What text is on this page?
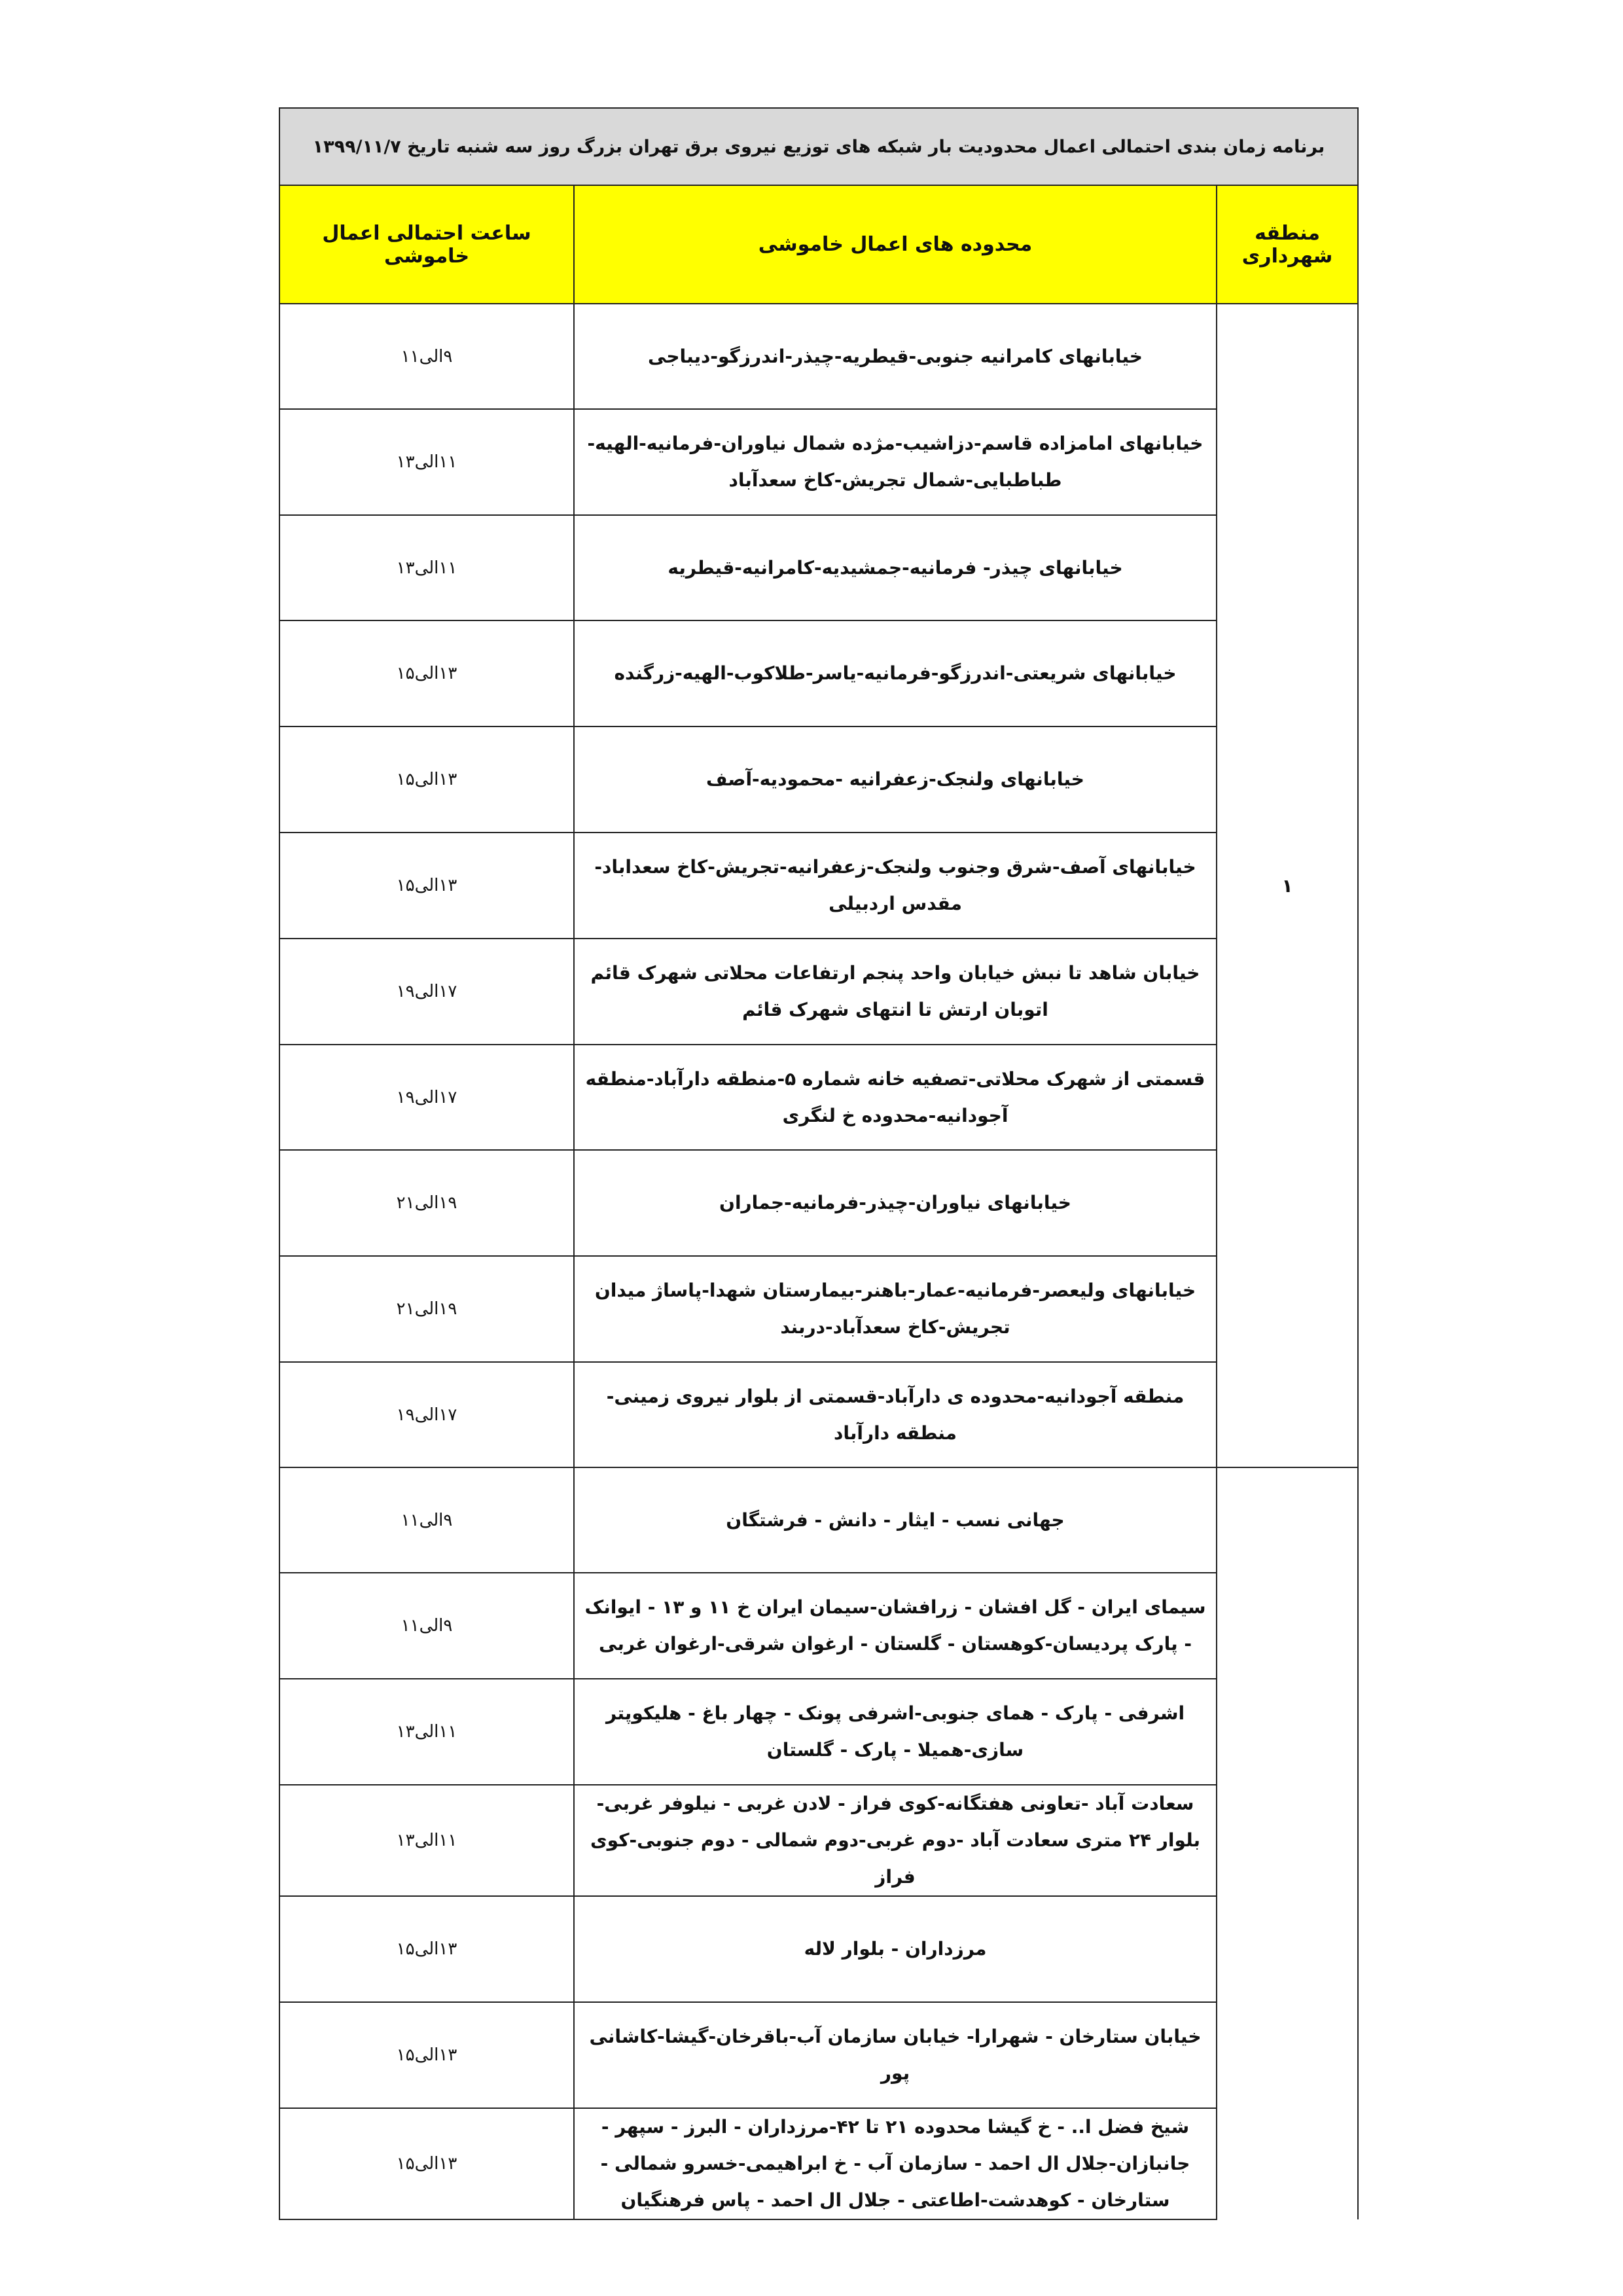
برنامه زمان بندی احتمالی اعمال محدودیت بار شبکه های توزیع نیروی برق تهران بزرگ روز سه شنبه تاریخ ۱۳۹۹/۱۱/۷		
منطقه شهرداری	محدوده های اعمال خاموشی	ساعت احتمالی اعمال خاموشی
۱	خیابانهای کامرانیه جنوبی-قیطریه-چیذر-اندرزگو-دیباجی	۹الی۱۱
	خیابانهای امامزاده قاسم-دزاشیب-مژده شمال نیاوران-فرمانیه-الهیه-طباطبایی-شمال تجریش-کاخ سعدآباد	۱۱الی۱۳
	خیابانهای چیذر- فرمانیه-جمشیدیه-کامرانیه-قیطریه	۱۱الی۱۳
	خیابانهای شریعتی-اندرزگو-فرمانیه-یاسر-طلاکوب-الهیه-زرگنده	۱۳الی۱۵
	خیابانهای ولنجک-زعفرانیه -محمودیه-آصف	۱۳الی۱۵
	خیابانهای آصف-شرق وجنوب ولنجک-زعفرانیه-تجریش-کاخ سعداباد-مقدس اردبیلی	۱۳الی۱۵
	خیابان شاهد تا نبش خیابان واحد پنجم ارتفاعات محلاتی شهرک قائم اتوبان ارتش تا انتهای شهرک قائم	۱۷الی۱۹
	قسمتی از شهرک محلاتی-تصفیه خانه شماره ۵-منطقه دارآباد-منطقه آجودانیه-محدوده خ لنگری	۱۷الی۱۹
	خیابانهای نیاوران-چیذر-فرمانیه-جماران	۱۹الی۲۱
	خیابانهای ولیعصر-فرمانیه-عمار-باهنر-بیمارستان شهدا-پاساژ میدان تجریش-کاخ سعدآباد-دربند	۱۹الی۲۱
	منطقه آجودانیه-محدوده ی دارآباد-قسمتی از بلوار نیروی زمینی-منطقه دارآباد	۱۷الی۱۹
	جهانی نسب - ایثار - دانش - فرشتگان	۹الی۱۱
	سیمای ایران - گل افشان - زرافشان-سیمان ایران خ ۱۱ و ۱۳ - ایوانک - پارک پردیسان-کوهستان - گلستان - ارغوان شرقی-ارغوان غربی	۹الی۱۱
	اشرفی - پارک - همای جنوبی-اشرفی پونک - چهار باغ - هلیکوپتر سازی-همیلا - پارک - گلستان	۱۱الی۱۳
	سعادت آباد -تعاونی هفتگانه-کوی فراز - لادن غربی - نیلوفر غربی-بلوار ۲۴ متری سعادت آباد -دوم غربی-دوم شمالی - دوم جنوبی-کوی فراز	۱۱الی۱۳
	مرزداران - بلوار لاله	۱۳الی۱۵
	خیابان ستارخان - شهرارا- خیابان سازمان آب-باقرخان-گیشا-کاشانی پور	۱۳الی۱۵
	شیخ فضل ا.. - خ گیشا محدوده ۲۱ تا ۴۲-مرزداران - البرز - سپهر - جانبازان-جلال ال احمد - سازمان آب - خ ابراهیمی-خسرو شمالی - ستارخان - کوهدشت-اطاعتی - جلال ال احمد - پاس فرهنگیان	۱۳الی۱۵
